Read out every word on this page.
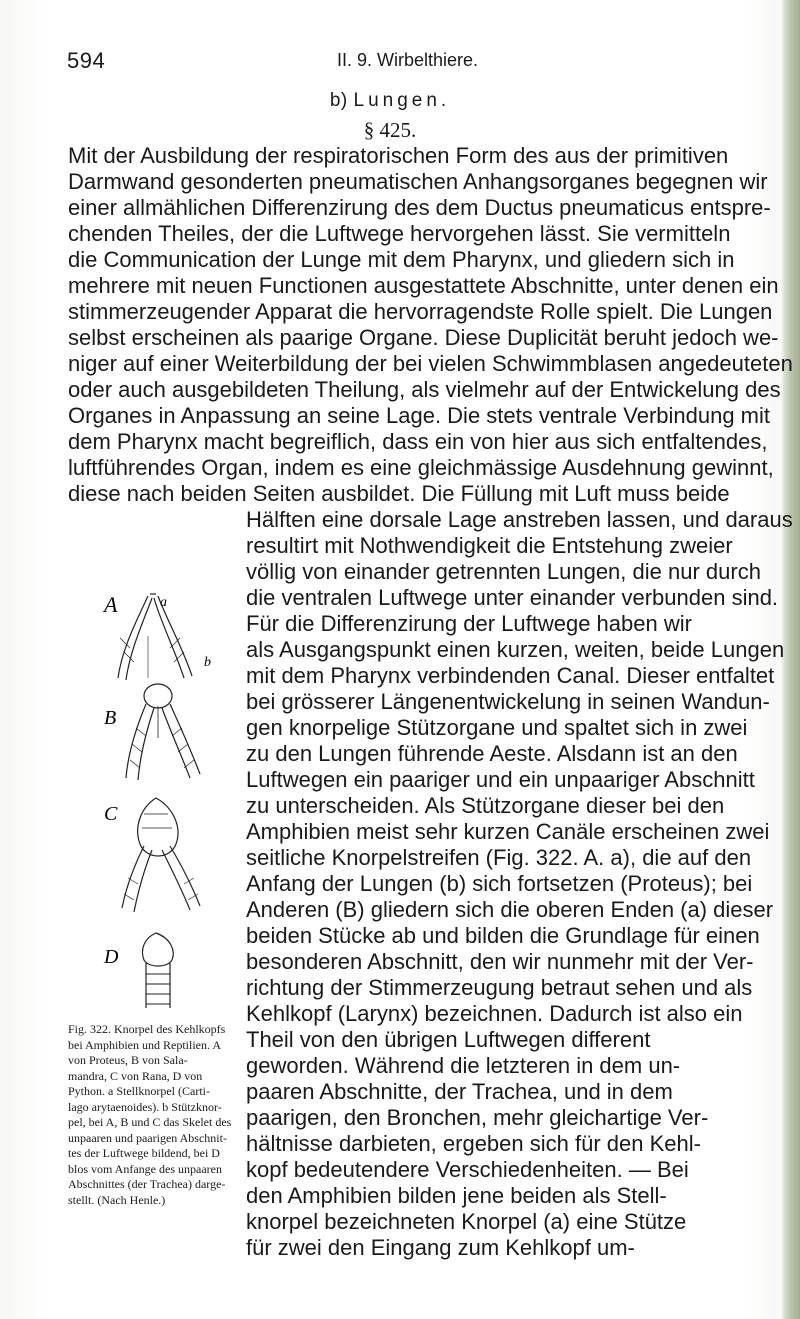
594	II. 9. Wirbelthiere.
b) Lungen.
§ 425.
Mit der Ausbildung der respiratorischen Form des aus der primitiven
Darmwand gesonderten pneumatischen Anhangsorganes begegnen wir
einer allmählichen Differenzirung des dem Ductus pneumaticus entspre-
chenden Theiles, der die Luftwege hervorgehen lässt. Sie vermitteln
die Communication der Lunge mit dem Pharynx, und gliedern sich in
mehrere mit neuen Functionen ausgestattete Abschnitte, unter denen ein
stimmerzeugender Apparat die hervorragendste Rolle spielt. Die Lungen
selbst erscheinen als paarige Organe. Diese Duplicität beruht jedoch we-
niger auf einer Weiterbildung der bei vielen Schwimmblasen angedeuteten
oder auch ausgebildeten Theilung, als vielmehr auf der Entwickelung des
Organes in Anpassung an seine Lage. Die stets ventrale Verbindung mit
dem Pharynx macht begreiflich, dass ein von hier aus sich entfaltendes,
luftführendes Organ, indem es eine gleichmässige Ausdehnung gewinnt,
diese nach beiden Seiten ausbildet. Die Füllung mit Luft muss beide
Hälften eine dorsale Lage anstreben lassen, und daraus
resultirt mit Nothwendigkeit die Entstehung zweier
völlig von einander getrennten Lungen, die nur durch
die ventralen Luftwege unter einander verbunden sind.
Für die Differenzirung der Luftwege haben wir
als Ausgangspunkt einen kurzen, weiten, beide Lungen
mit dem Pharynx verbindenden Canal. Dieser entfaltet
bei grösserer Längenentwickelung in seinen Wandun-
gen knorpelige Stützorgane und spaltet sich in zwei
zu den Lungen führende Aeste. Alsdann ist an den
Luftwegen ein paariger und ein unpaariger Abschnitt
zu unterscheiden. Als Stützorgane dieser bei den
Amphibien meist sehr kurzen Canäle erscheinen zwei
seitliche Knorpelstreifen (Fig. 322. A. a), die auf den
Anfang der Lungen (b) sich fortsetzen (Proteus); bei
Anderen (B) gliedern sich die oberen Enden (a) dieser
beiden Stücke ab und bilden die Grundlage für einen
besonderen Abschnitt, den wir nunmehr mit der Ver-
richtung der Stimmerzeugung betraut sehen und als
Kehlkopf (Larynx) bezeichnen. Dadurch ist also ein
Theil von den übrigen Luftwegen different
geworden. Während die letzteren in dem un-
paaren Abschnitte, der Trachea, und in dem
paarigen, den Bronchen, mehr gleichartige Ver-
hältnisse darbieten, ergeben sich für den Kehl-
kopf bedeutendere Verschiedenheiten. — Bei
den Amphibien bilden jene beiden als Stell-
knorpel bezeichneten Knorpel (a) eine Stütze
für zwei den Eingang zum Kehlkopf um-
A	a
b
B
C
D
Fig. 322. Knorpel des Kehlkopfs
bei Amphibien und Reptilien. A
von Proteus, B von Sala-
mandra, C von Rana, D von
Python. a Stellknorpel (Carti-
lago arytaenoides). b Stützknor-
pel, bei A, B und C das Skelet des
unpaaren und paarigen Abschnit-
tes der Luftwege bildend, bei D
blos vom Anfange des unpaaren
Abschnittes (der Trachea) darge-
stellt. (Nach Henle.)
